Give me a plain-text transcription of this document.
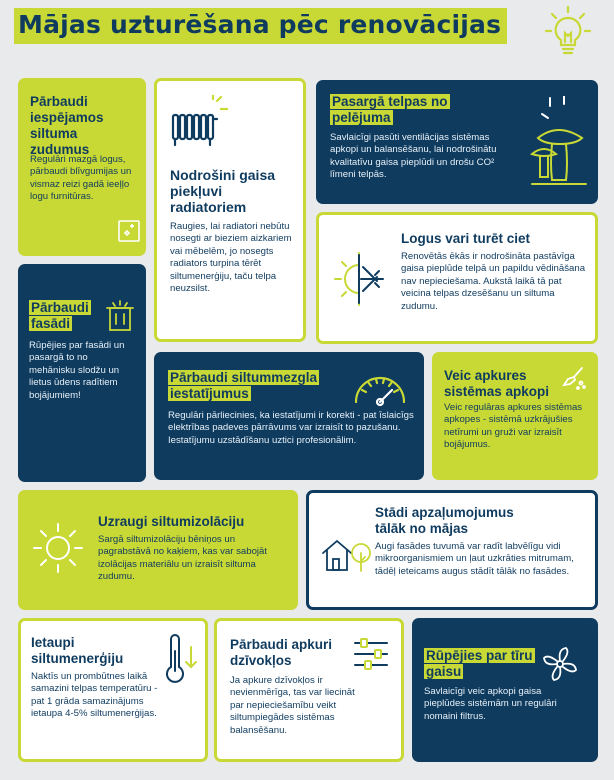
Mājas uzturēšana pēc renovācijas
Pārbaudi iespējamos siltuma zudumus
Regulāri mazgā logus, pārbaudi blīvgumijas un vismaz reizi gadā ieeļļo logu furnitūras.
Nodrošini gaisa piekļuvi radiatoriem
Raugies, lai radiatori nebūtu nosegti ar bieziem aizkariem vai mēbelēm, jo nosegts radiators turpina tērēt siltumenerģiju, taču telpa neuzsilst.
Pasargā telpas no pelējuma
Savlaicīgi pasūti ventilācijas sistēmas apkopi un balansēšanu, lai nodrošinātu kvalitatīvu gaisa pieplūdi un drošu CO² līmeni telpās.
Logus vari turēt ciet
Renovētās ēkās ir nodrošināta pastāvīga gaisa pieplūde telpā un papildu vēdināšana nav nepieciešama. Aukstā laikā tā pat veicina telpas dzesēšanu un siltuma zudumu.
Pārbaudi fasādi
Rūpējies par fasādi un pasargā to no mehānisku slodžu un lietus ūdens radītiem bojājumiem!
Pārbaudi siltummezgla iestatījumus
Regulāri pārliecinies, ka iestatījumi ir korekti - pat īslaicīgs elektrības padeves pārrāvums var izraisīt to pazušanu. Iestatījumu uzstādīšanu uztici profesionālim.
Veic apkures sistēmas apkopi
Veic regulāras apkures sistēmas apkopes - sistēmā uzkrājušies netīrumi un gruži var izraisīt bojājumus.
Uzraugi siltumizolāciju
Sargā siltumizolāciju bēniņos un pagrabstāvā no kaķiem, kas var sabojāt izolācijas materiālu un izraisīt siltuma zudumu.
Stādi apzaļumojumus tālāk no mājas
Augi fasādes tuvumā var radīt labvēlīgu vidi mikroorganismiem un ļaut uzkrāties mitrumam, tādēļ ieteicams augus stādīt tālāk no fasādes.
Ietaupi siltumenerģiju
Naktīs un prombūtnes laikā samazini telpas temperatūru - pat 1 grāda samazinājums ietaupa 4-5% siltumenerģijas.
Pārbaudi apkuri dzīvokļos
Ja apkure dzīvokļos ir nevienmērīga, tas var liecināt par nepieciešamību veikt siltumpiegādes sistēmas balansēšanu.
Rūpējies par tīru gaisu
Savlaicīgi veic apkopi gaisa pieplūdes sistēmām un regulāri nomaini filtrus.
